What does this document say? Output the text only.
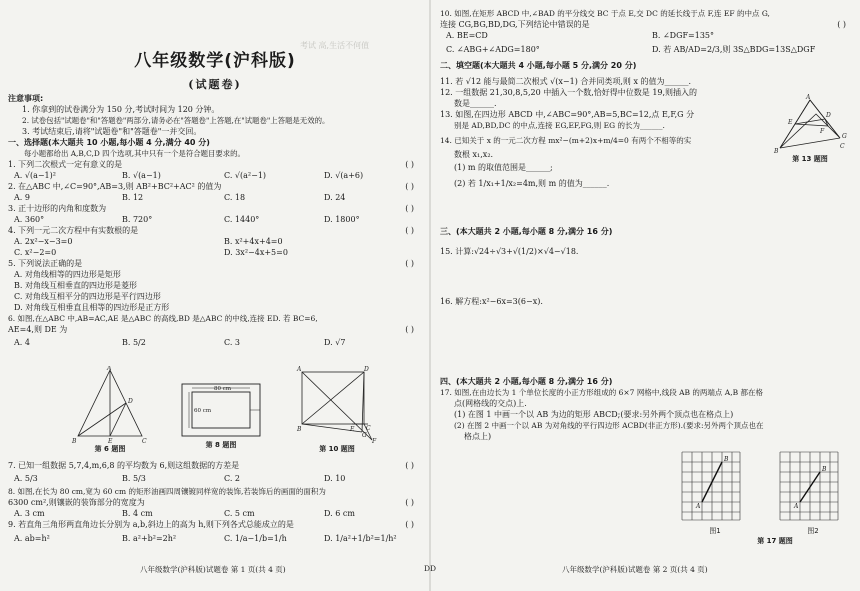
考试 高,生活不何值
八年级数学(沪科版)
(试题卷)
注意事项:
1. 你拿到的试卷满分为 150 分,考试时间为 120 分钟。
2. 试卷包括"试题卷"和"答题卷"两部分,请务必在"答题卷"上答题,在"试题卷"上答题是无效的。
3. 考试结束后,请将"试题卷"和"答题卷"一并交回。
一、选择题(本大题共 10 小题,每小题 4 分,满分 40 分)
每小题都给出 A,B,C,D 四个选项,其中只有一个是符合题目要求的。
1. 下列二次根式一定有意义的是	( )
A. √(a−1)²	B. √(a−1)	C. √(a²−1)	D. √(a+6)
2. 在△ABC 中,∠C=90°,AB=3,则 AB²+BC²+AC² 的值为	( )
A. 9	B. 12	C. 18	D. 24
3. 正十边形的内角和度数为	( )
A. 360°	B. 720°	C. 1440°	D. 1800°
4. 下列一元二次方程中有实数根的是	( )
A. 2x²−x−3=0	B. x²+4x+4=0
C. x²−2=0	D. 3x²−4x+5=0
5. 下列说法正确的是	( )
A. 对角线相等的四边形是矩形
B. 对角线互相垂直的四边形是菱形
C. 对角线互相平分的四边形是平行四边形
D. 对角线互相垂直且相等的四边形是正方形
6. 如图,在△ABC 中,AB=AC,AE 是△ABC 的高线,BD 是△ABC 的中线,连接 ED. 若 BC=6,
AE=4,则 DE 为	( )
A. 4	B. 5/2	C. 3	D. √7
A
B	C
E
D
第 6 题图
80 cm
60 cm
第 8 题图
A	D
B	E C
G
F
第 10 题图
7. 已知一组数据 5,7,4,m,6,8 的平均数为 6,则这组数据的方差是	( )
A. 5/3	B. 5/3	C. 2	D. 10
8. 如图,在长为 80 cm,宽为 60 cm 的矩形油画四周镶镀同样宽的装饰,若装饰后的画面的面积为
6300 cm²,则镶嵌的装饰部分的宽度为	( )
A. 3 cm	B. 4 cm	C. 5 cm	D. 6 cm
9. 若直角三角形两直角边长分别为 a,b,斜边上的高为 h,则下列各式总能成立的是	( )
A. ab=h²	B. a²+b²=2h²	C. 1/a−1/b=1/h	D. 1/a²+1/b²=1/h²
八年级数学(沪科版)试题卷 第 1 页(共 4 页)	DD
10. 如图,在矩形 ABCD 中,∠BAD 的平分线交 BC 于点 E,交 DC 的延长线于点 F,连 EF 的中点 G,
连接 CG,BG,BD,DG,下列结论中错误的是	( )
A. BE=CD	B. ∠DGF=135°
C. ∠ABG+∠ADG=180°	D. 若 AB/AD=2/3,则 3S△BDG=13S△DGF
二、填空题(本大题共 4 小题,每小题 5 分,满分 20 分)
11. 若 √12 能与最简二次根式 √(x−1) 合并同类项,则 x 的值为______.
12. 一组数据 21,30,8,5,20 中插入一个数,恰好得中位数是 19,则插入的
数是______.
13. 如图,在四边形 ABCD 中,∠ABC=90°,AB=5,BC=12,点 E,F,G 分
别是 AD,BD,DC 的中点,连接 EG,EF,FG,则 EG 的长为______.
14. 已知关于 x 的一元二次方程 mx²−(m+2)x+m/4=0 有两个不相等的实
数根 x₁,x₂.
(1) m 的取值范围是______;
(2) 若 1/x₁+1/x₂=4m,则 m 的值为______.
A
B
C
G
D
E
F
第 13 题图
三、(本大题共 2 小题,每小题 8 分,满分 16 分)
15. 计算:√24÷√3+√(1/2)×√4−√18.
16. 解方程:x²−6x=3(6−x).
四、(本大题共 2 小题,每小题 8 分,满分 16 分)
17. 如图,在由边长为 1 个单位长度的小正方形组成的 6×7 网格中,线段 AB 的两端点 A,B 都在格
点(网格线的交点)上.
(1) 在图 1 中画一个以 AB 为边的矩形 ABCD;(要求:另外两个顶点也在格点上)
(2) 在图 2 中画一个以 AB 为对角线的平行四边形 ACBD(非正方形).(要求:另外两个顶点也在
格点上)
A
B
图1
A
B
图2
第 17 题图
八年级数学(沪科版)试题卷 第 2 页(共 4 页)
